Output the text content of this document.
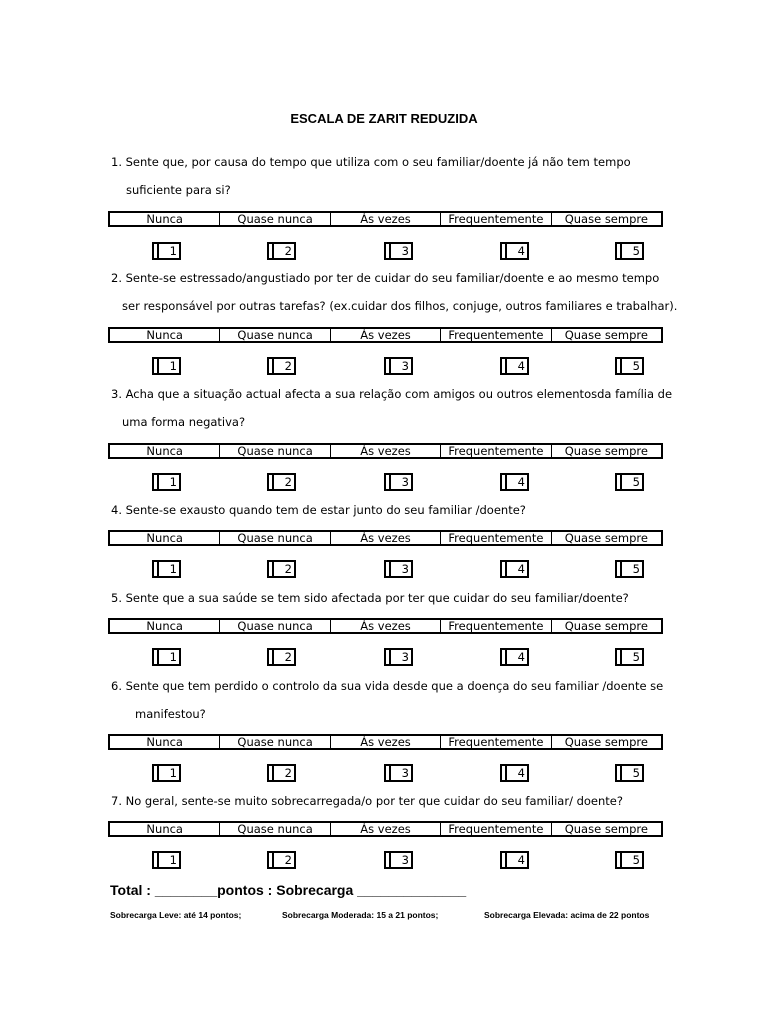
ESCALA DE ZARIT REDUZIDA
1. Sente que, por causa do tempo que utiliza com o seu familiar/doente já não tem tempo
suficiente para si?
Nunca	Quase nunca	Às vezes	Frequentemente	Quase sempre
1	2	3	4	5
2. Sente-se estressado/angustiado por ter de cuidar do seu familiar/doente e ao mesmo tempo
ser responsável por outras tarefas? (ex.cuidar dos filhos, conjuge, outros familiares e trabalhar).
Nunca	Quase nunca	Às vezes	Frequentemente	Quase sempre
1	2	3	4	5
3. Acha que a situação actual afecta a sua relação com amigos ou outros elementosda família de
uma forma negativa?
Nunca	Quase nunca	Às vezes	Frequentemente	Quase sempre
1	2	3	4	5
4. Sente-se exausto quando tem de estar junto do seu familiar /doente?
Nunca	Quase nunca	Às vezes	Frequentemente	Quase sempre
1	2	3	4	5
5. Sente que a sua saúde se tem sido afectada por ter que cuidar do seu familiar/doente?
Nunca	Quase nunca	Às vezes	Frequentemente	Quase sempre
1	2	3	4	5
6. Sente que tem perdido o controlo da sua vida desde que a doença do seu familiar /doente se
manifestou?
Nunca	Quase nunca	Às vezes	Frequentemente	Quase sempre
1	2	3	4	5
7. No geral, sente-se muito sobrecarregada/o por ter que cuidar do seu familiar/ doente?
Nunca	Quase nunca	Às vezes	Frequentemente	Quase sempre
1	2	3	4	5
Total : ________pontos : Sobrecarga ______________
Sobrecarga Leve: até 14 pontos;	Sobrecarga Moderada: 15 a 21 pontos;	Sobrecarga Elevada: acima de 22 pontos
